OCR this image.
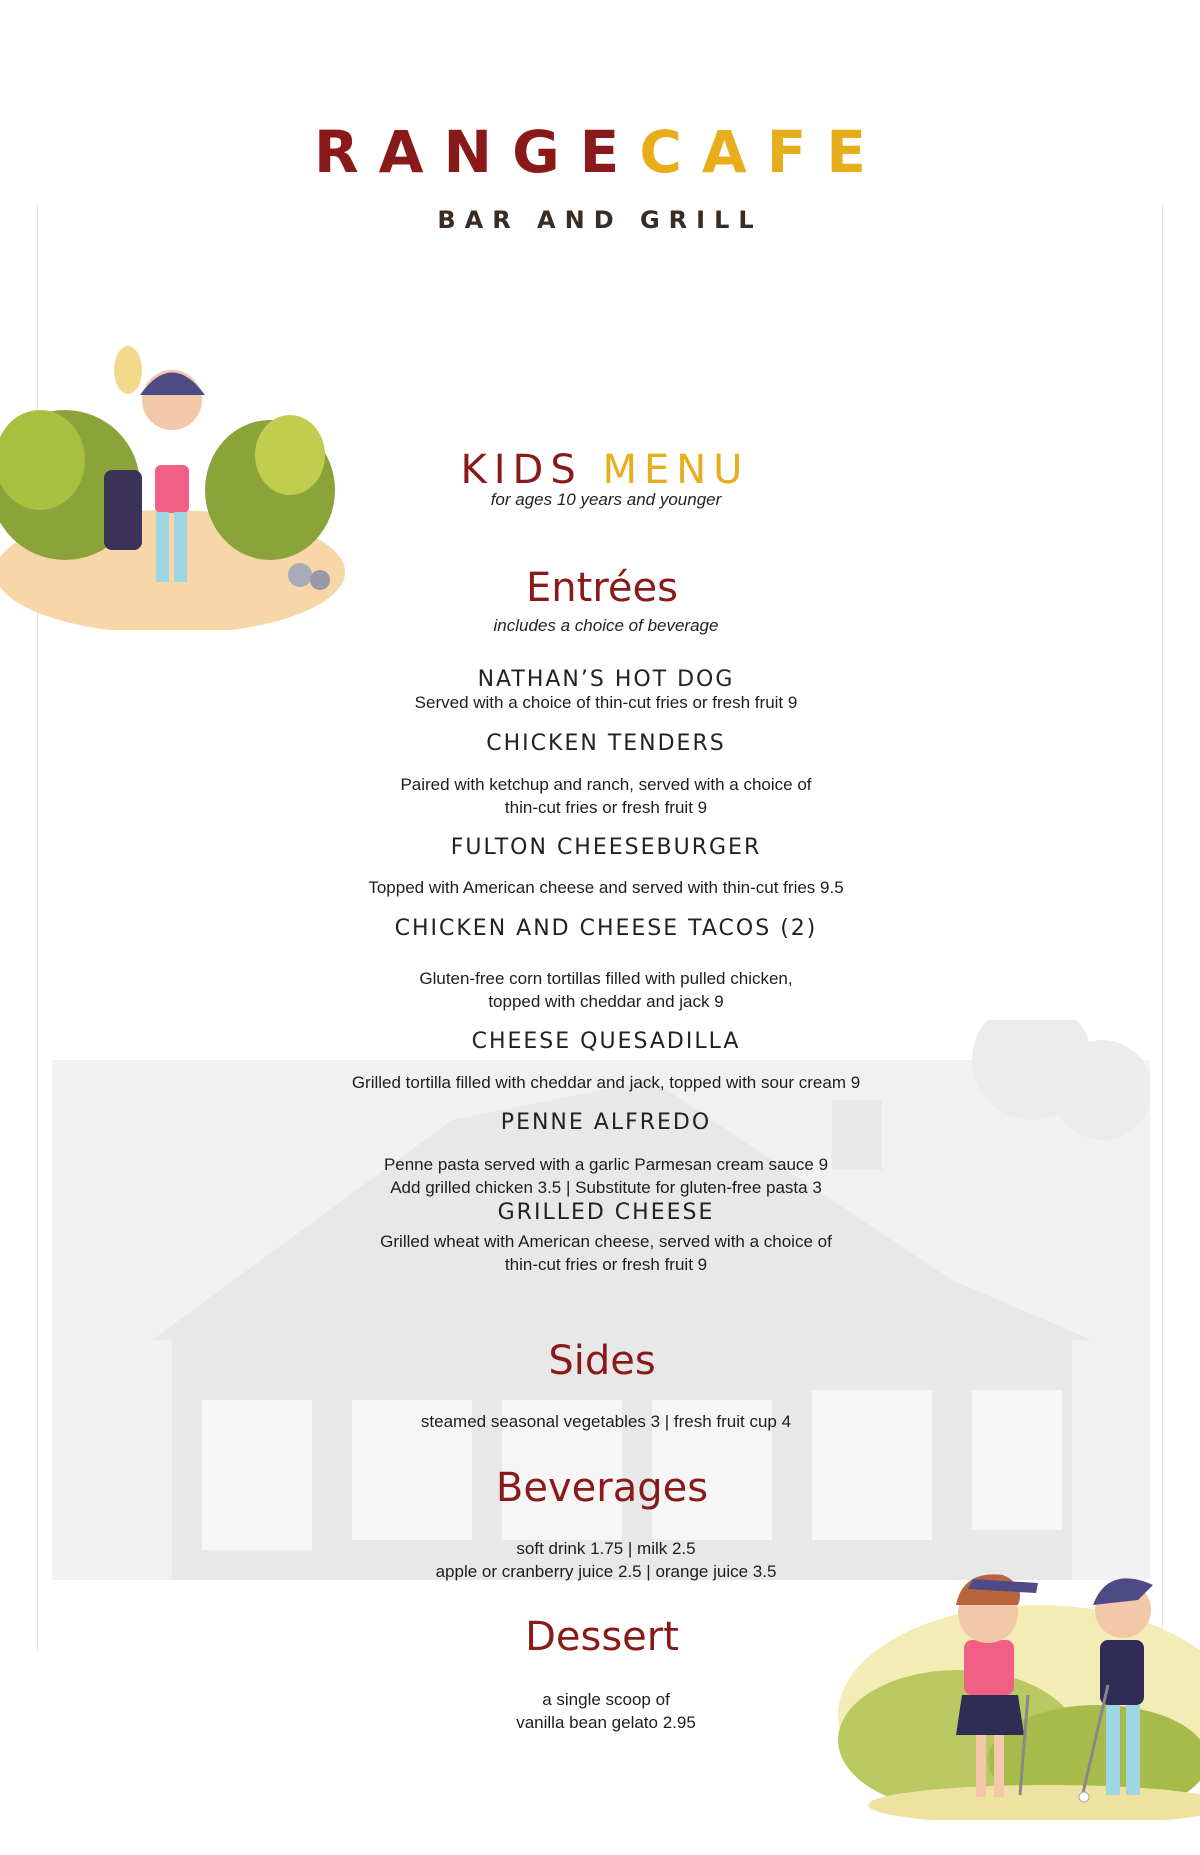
RANGECAFE
BAR AND GRILL
KIDS MENU
for ages 10 years and younger
Entrées
includes a choice of beverage
NATHAN’S HOT DOG
Served with a choice of thin-cut fries or fresh fruit 9
CHICKEN TENDERS
Paired with ketchup and ranch, served with a choice of
thin-cut fries or fresh fruit 9
FULTON CHEESEBURGER
Topped with American cheese and served with thin-cut fries 9.5
CHICKEN AND CHEESE TACOS (2)
Gluten-free corn tortillas filled with pulled chicken,
topped with cheddar and jack 9
CHEESE QUESADILLA
Grilled tortilla filled with cheddar and jack, topped with sour cream 9
PENNE ALFREDO
Penne pasta served with a garlic Parmesan cream sauce 9
Add grilled chicken 3.5 | Substitute for gluten-free pasta 3
GRILLED CHEESE
Grilled wheat with American cheese, served with a choice of
thin-cut fries or fresh fruit 9
Sides
steamed seasonal vegetables 3 | fresh fruit cup 4
Beverages
soft drink 1.75 | milk 2.5
apple or cranberry juice 2.5 | orange juice 3.5
Dessert
a single scoop of
vanilla bean gelato 2.95
